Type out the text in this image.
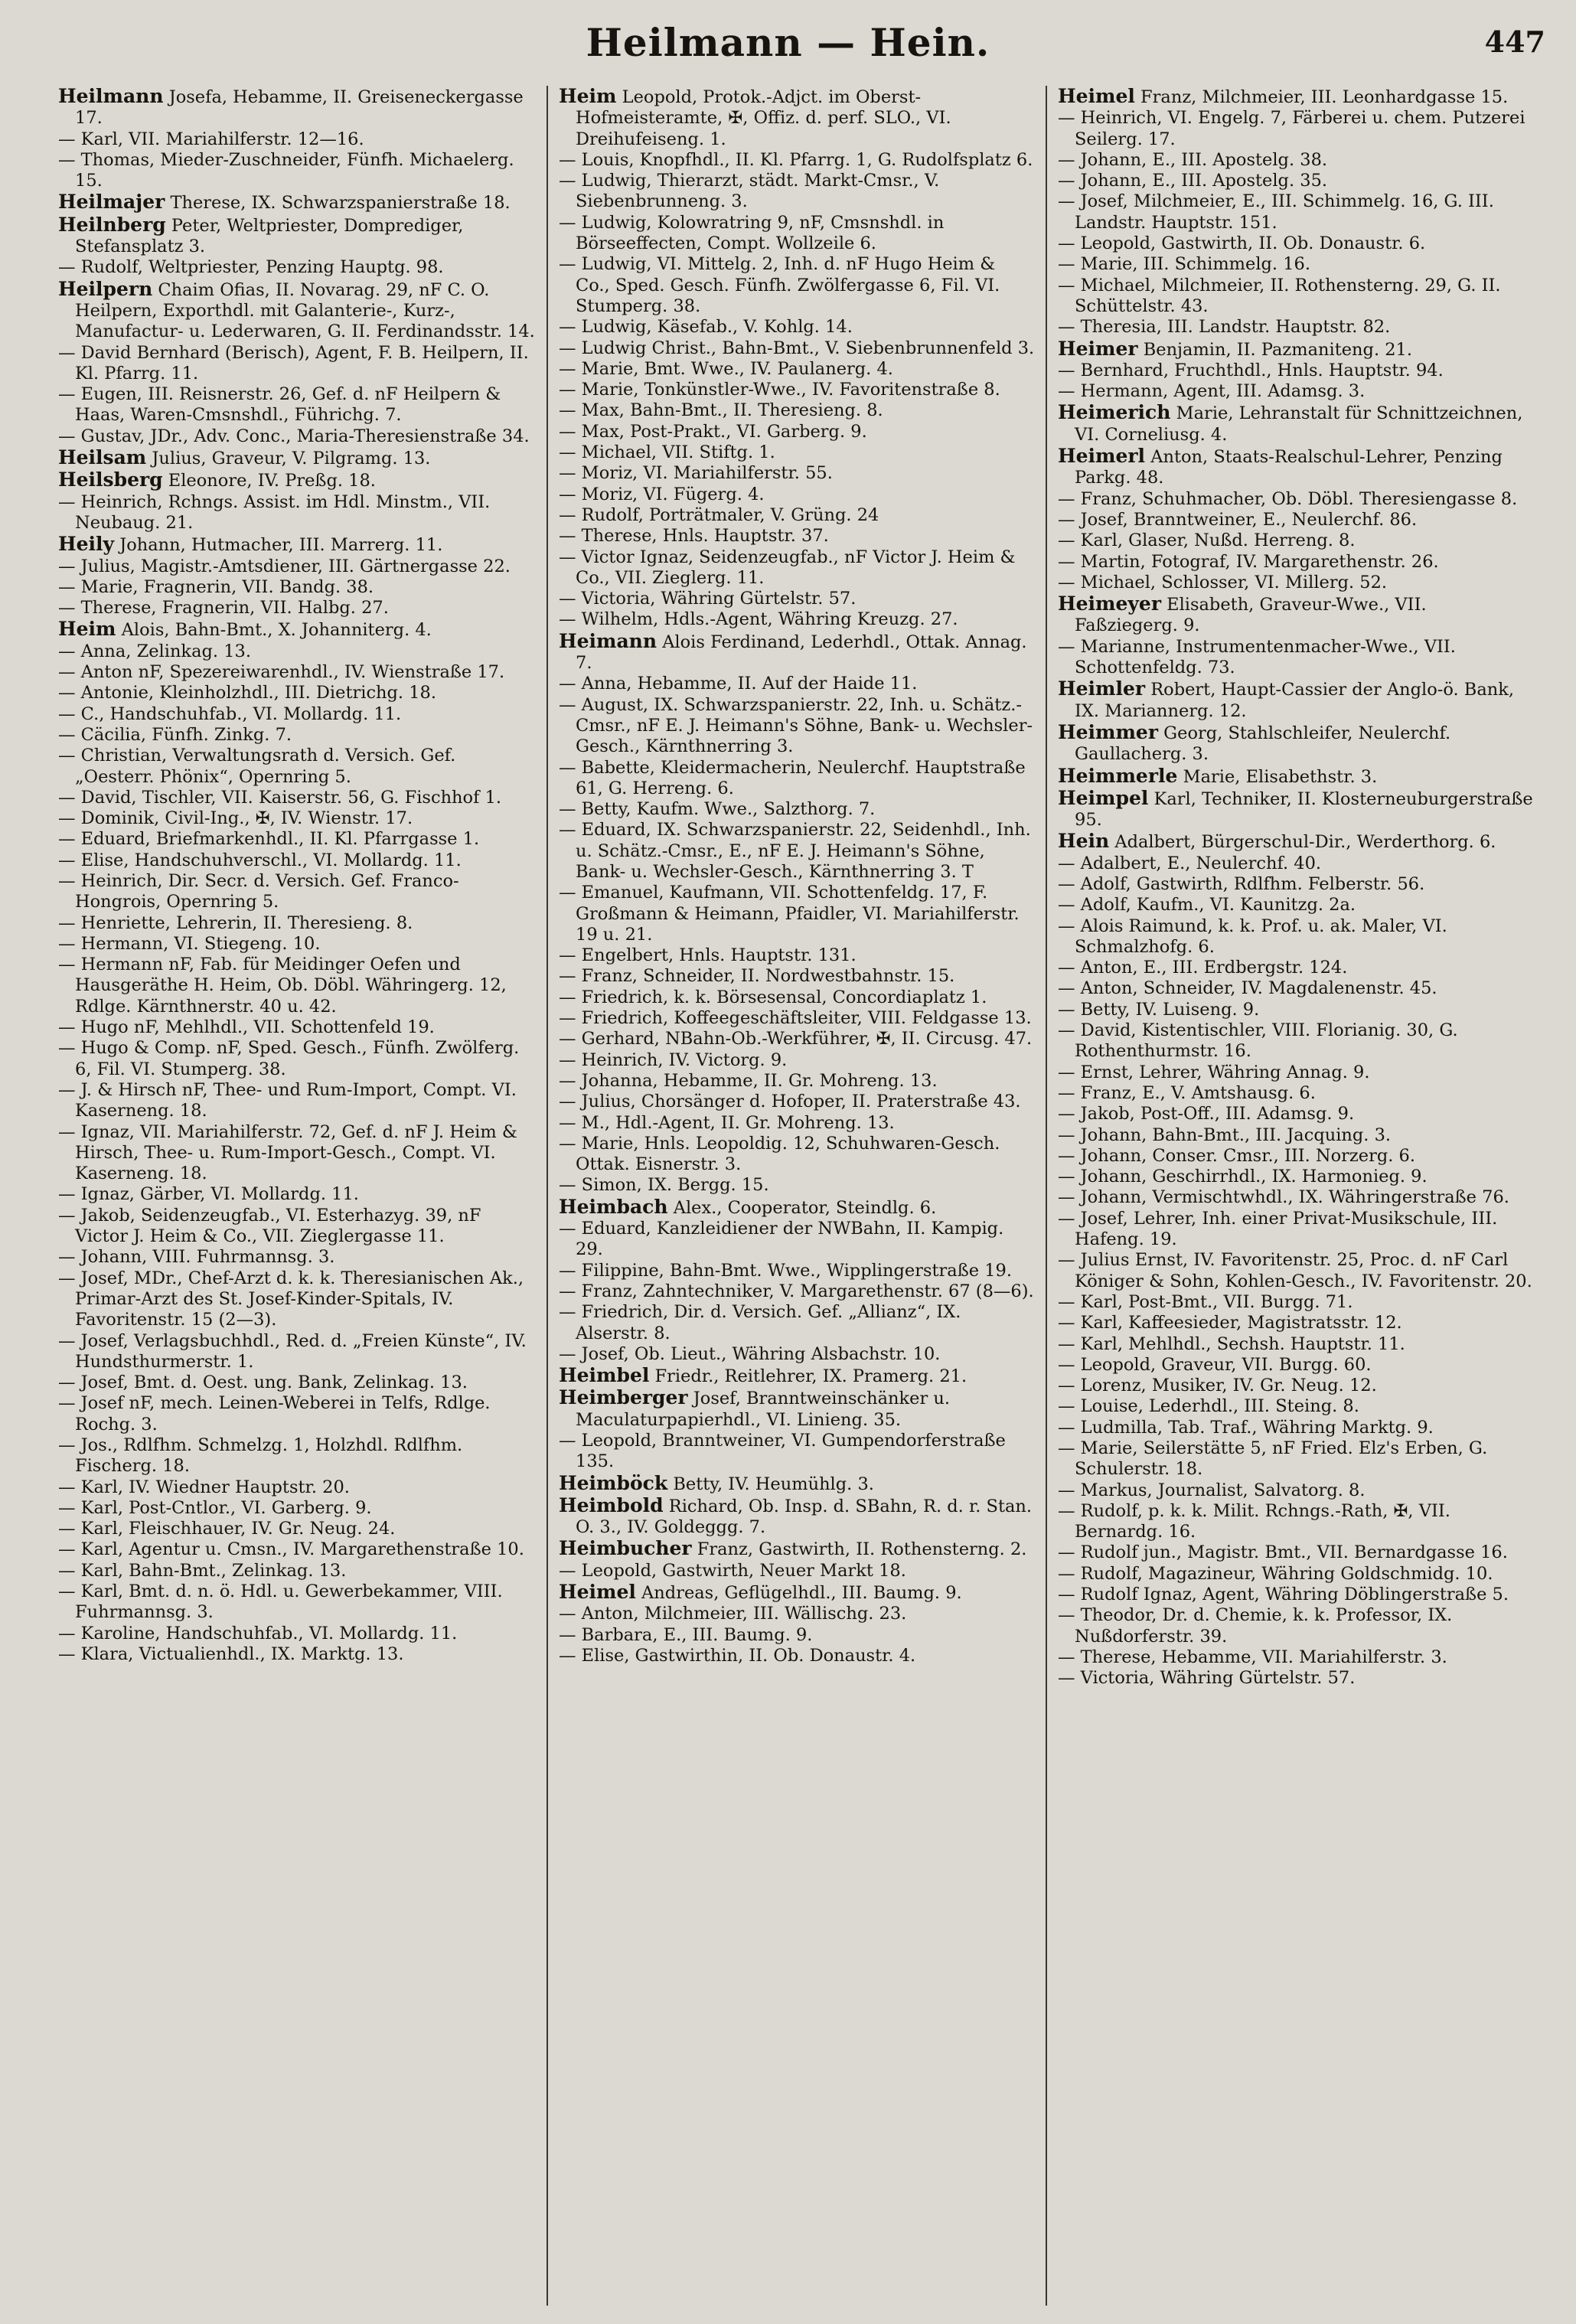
Heilmann — Hein.	447

Heilmann Josefa, Hebamme, II. Greiseneckergasse 17.

— Karl, VII. Mariahilferstr. 12—16.

— Thomas, Mieder-Zuschneider, Fünfh. Michaelerg. 15.

Heilmajer Therese, IX. Schwarzspanierstraße 18.

Heilnberg Peter, Weltpriester, Domprediger, Stefansplatz 3.

— Rudolf, Weltpriester, Penzing Hauptg. 98.

Heilpern Chaim Ofias, II. Novarag. 29, nF C. O. Heilpern, Exporthdl. mit Galanterie-, Kurz-, Manufactur- u. Lederwaren, G. II. Ferdinandsstr. 14.

— David Bernhard (Berisch), Agent, F. B. Heilpern, II. Kl. Pfarrg. 11.

— Eugen, III. Reisnerstr. 26, Gef. d. nF Heilpern & Haas, Waren-Cmsnshdl., Führichg. 7.

— Gustav, JDr., Adv. Conc., Maria-Theresienstraße 34.

Heilsam Julius, Graveur, V. Pilgramg. 13.

Heilsberg Eleonore, IV. Preßg. 18.

— Heinrich, Rchngs. Assist. im Hdl. Minstm., VII. Neubaug. 21.

Heily Johann, Hutmacher, III. Marrerg. 11.

— Julius, Magistr.-Amtsdiener, III. Gärtnergasse 22.

— Marie, Fragnerin, VII. Bandg. 38.

— Therese, Fragnerin, VII. Halbg. 27.

Heim Alois, Bahn-Bmt., X. Johanniterg. 4.

— Anna, Zelinkag. 13.

— Anton nF, Spezereiwarenhdl., IV. Wienstraße 17.

— Antonie, Kleinholzhdl., III. Dietrichg. 18.

— C., Handschuhfab., VI. Mollardg. 11.

— Cäcilia, Fünfh. Zinkg. 7.

— Christian, Verwaltungsrath d. Versich. Gef. „Oesterr. Phönix“, Opernring 5.

— David, Tischler, VII. Kaiserstr. 56, G. Fischhof 1.

— Dominik, Civil-Ing., ✠, IV. Wienstr. 17.

— Eduard, Briefmarkenhdl., II. Kl. Pfarrgasse 1.

— Elise, Handschuhverschl., VI. Mollardg. 11.

— Heinrich, Dir. Secr. d. Versich. Gef. Franco-Hongrois, Opernring 5.

— Henriette, Lehrerin, II. Theresieng. 8.

— Hermann, VI. Stiegeng. 10.

— Hermann nF, Fab. für Meidinger Oefen und Hausgeräthe H. Heim, Ob. Döbl. Währingerg. 12, Rdlge. Kärnthnerstr. 40 u. 42.

— Hugo nF, Mehlhdl., VII. Schottenfeld 19.

— Hugo & Comp. nF, Sped. Gesch., Fünfh. Zwölferg. 6, Fil. VI. Stumperg. 38.

— J. & Hirsch nF, Thee- und Rum-Import, Compt. VI. Kaserneng. 18.

— Ignaz, VII. Mariahilferstr. 72, Gef. d. nF J. Heim & Hirsch, Thee- u. Rum-Import-Gesch., Compt. VI. Kaserneng. 18.

— Ignaz, Gärber, VI. Mollardg. 11.

— Jakob, Seidenzeugfab., VI. Esterhazyg. 39, nF Victor J. Heim & Co., VII. Zieglergasse 11.

— Johann, VIII. Fuhrmannsg. 3.

— Josef, MDr., Chef-Arzt d. k. k. Theresianischen Ak., Primar-Arzt des St. Josef-Kinder-Spitals, IV. Favoritenstr. 15 (2—3).

— Josef, Verlagsbuchhdl., Red. d. „Freien Künste“, IV. Hundsthurmerstr. 1.

— Josef, Bmt. d. Oest. ung. Bank, Zelinkag. 13.

— Josef nF, mech. Leinen-Weberei in Telfs, Rdlge. Rochg. 3.

— Jos., Rdlfhm. Schmelzg. 1, Holzhdl. Rdlfhm. Fischerg. 18.

— Karl, IV. Wiedner Hauptstr. 20.

— Karl, Post-Cntlor., VI. Garberg. 9.

— Karl, Fleischhauer, IV. Gr. Neug. 24.

— Karl, Agentur u. Cmsn., IV. Margarethenstraße 10.

— Karl, Bahn-Bmt., Zelinkag. 13.

— Karl, Bmt. d. n. ö. Hdl. u. Gewerbekammer, VIII. Fuhrmannsg. 3.

— Karoline, Handschuhfab., VI. Mollardg. 11.

— Klara, Victualienhdl., IX. Marktg. 13.

Heim Leopold, Protok.-Adjct. im Oberst-Hofmeisteramte, ✠, Offiz. d. perf. SLO., VI. Dreihufeiseng. 1.

— Louis, Knopfhdl., II. Kl. Pfarrg. 1, G. Rudolfsplatz 6.

— Ludwig, Thierarzt, städt. Markt-Cmsr., V. Siebenbrunneng. 3.

— Ludwig, Kolowratring 9, nF, Cmsnshdl. in Börseeffecten, Compt. Wollzeile 6.

— Ludwig, VI. Mittelg. 2, Inh. d. nF Hugo Heim & Co., Sped. Gesch. Fünfh. Zwölfergasse 6, Fil. VI. Stumperg. 38.

— Ludwig, Käsefab., V. Kohlg. 14.

— Ludwig Christ., Bahn-Bmt., V. Siebenbrunnenfeld 3.

— Marie, Bmt. Wwe., IV. Paulanerg. 4.

— Marie, Tonkünstler-Wwe., IV. Favoritenstraße 8.

— Max, Bahn-Bmt., II. Theresieng. 8.

— Max, Post-Prakt., VI. Garberg. 9.

— Michael, VII. Stiftg. 1.

— Moriz, VI. Mariahilferstr. 55.

— Moriz, VI. Fügerg. 4.

— Rudolf, Porträtmaler, V. Grüng. 24

— Therese, Hnls. Hauptstr. 37.

— Victor Ignaz, Seidenzeugfab., nF Victor J. Heim & Co., VII. Zieglerg. 11.

— Victoria, Währing Gürtelstr. 57.

— Wilhelm, Hdls.-Agent, Währing Kreuzg. 27.

Heimann Alois Ferdinand, Lederhdl., Ottak. Annag. 7.

— Anna, Hebamme, II. Auf der Haide 11.

— August, IX. Schwarzspanierstr. 22, Inh. u. Schätz.-Cmsr., nF E. J. Heimann's Söhne, Bank- u. Wechsler-Gesch., Kärnthnerring 3.

— Babette, Kleidermacherin, Neulerchf. Hauptstraße 61, G. Herreng. 6.

— Betty, Kaufm. Wwe., Salzthorg. 7.

— Eduard, IX. Schwarzspanierstr. 22, Seidenhdl., Inh. u. Schätz.-Cmsr., E., nF E. J. Heimann's Söhne, Bank- u. Wechsler-Gesch., Kärnthnerring 3. T

— Emanuel, Kaufmann, VII. Schottenfeldg. 17, F. Großmann & Heimann, Pfaidler, VI. Mariahilferstr. 19 u. 21.

— Engelbert, Hnls. Hauptstr. 131.

— Franz, Schneider, II. Nordwestbahnstr. 15.

— Friedrich, k. k. Börsesensal, Concordiaplatz 1.

— Friedrich, Koffeegeschäftsleiter, VIII. Feldgasse 13.

— Gerhard, NBahn-Ob.-Werkführer, ✠, II. Circusg. 47.

— Heinrich, IV. Victorg. 9.

— Johanna, Hebamme, II. Gr. Mohreng. 13.

— Julius, Chorsänger d. Hofoper, II. Praterstraße 43.

— M., Hdl.-Agent, II. Gr. Mohreng. 13.

— Marie, Hnls. Leopoldig. 12, Schuhwaren-Gesch. Ottak. Eisnerstr. 3.

— Simon, IX. Bergg. 15.

Heimbach Alex., Cooperator, Steindlg. 6.

— Eduard, Kanzleidiener der NWBahn, II. Kampig. 29.

— Filippine, Bahn-Bmt. Wwe., Wipplingerstraße 19.

— Franz, Zahntechniker, V. Margarethenstr. 67 (8—6).

— Friedrich, Dir. d. Versich. Gef. „Allianz“, IX. Alserstr. 8.

— Josef, Ob. Lieut., Währing Alsbachstr. 10.

Heimbel Friedr., Reitlehrer, IX. Pramerg. 21.

Heimberger Josef, Branntweinschänker u. Maculaturpapierhdl., VI. Linieng. 35.

— Leopold, Branntweiner, VI. Gumpendorferstraße 135.

Heimböck Betty, IV. Heumühlg. 3.

Heimbold Richard, Ob. Insp. d. SBahn, R. d. r. Stan. O. 3., IV. Goldeggg. 7.

Heimbucher Franz, Gastwirth, II. Rothensterng. 2.

— Leopold, Gastwirth, Neuer Markt 18.

Heimel Andreas, Geflügelhdl., III. Baumg. 9.

— Anton, Milchmeier, III. Wällischg. 23.

— Barbara, E., III. Baumg. 9.

— Elise, Gastwirthin, II. Ob. Donaustr. 4.

Heimel Franz, Milchmeier, III. Leonhardgasse 15.

— Heinrich, VI. Engelg. 7, Färberei u. chem. Putzerei Seilerg. 17.

— Johann, E., III. Apostelg. 38.

— Johann, E., III. Apostelg. 35.

— Josef, Milchmeier, E., III. Schimmelg. 16, G. III. Landstr. Hauptstr. 151.

— Leopold, Gastwirth, II. Ob. Donaustr. 6.

— Marie, III. Schimmelg. 16.

— Michael, Milchmeier, II. Rothensterng. 29, G. II. Schüttelstr. 43.

— Theresia, III. Landstr. Hauptstr. 82.

Heimer Benjamin, II. Pazmaniteng. 21.

— Bernhard, Fruchthdl., Hnls. Hauptstr. 94.

— Hermann, Agent, III. Adamsg. 3.

Heimerich Marie, Lehranstalt für Schnittzeichnen, VI. Corneliusg. 4.

Heimerl Anton, Staats-Realschul-Lehrer, Penzing Parkg. 48.

— Franz, Schuhmacher, Ob. Döbl. Theresiengasse 8.

— Josef, Branntweiner, E., Neulerchf. 86.

— Karl, Glaser, Nußd. Herreng. 8.

— Martin, Fotograf, IV. Margarethenstr. 26.

— Michael, Schlosser, VI. Millerg. 52.

Heimeyer Elisabeth, Graveur-Wwe., VII. Faßziegerg. 9.

— Marianne, Instrumentenmacher-Wwe., VII. Schottenfeldg. 73.

Heimler Robert, Haupt-Cassier der Anglo-ö. Bank, IX. Mariannerg. 12.

Heimmer Georg, Stahlschleifer, Neulerchf. Gaullacherg. 3.

Heimmerle Marie, Elisabethstr. 3.

Heimpel Karl, Techniker, II. Klosterneuburgerstraße 95.

Hein Adalbert, Bürgerschul-Dir., Werderthorg. 6.

— Adalbert, E., Neulerchf. 40.

— Adolf, Gastwirth, Rdlfhm. Felberstr. 56.

— Adolf, Kaufm., VI. Kaunitzg. 2a.

— Alois Raimund, k. k. Prof. u. ak. Maler, VI. Schmalzhofg. 6.

— Anton, E., III. Erdbergstr. 124.

— Anton, Schneider, IV. Magdalenenstr. 45.

— Betty, IV. Luiseng. 9.

— David, Kistentischler, VIII. Florianig. 30, G. Rothenthurmstr. 16.

— Ernst, Lehrer, Währing Annag. 9.

— Franz, E., V. Amtshausg. 6.

— Jakob, Post-Off., III. Adamsg. 9.

— Johann, Bahn-Bmt., III. Jacquing. 3.

— Johann, Conser. Cmsr., III. Norzerg. 6.

— Johann, Geschirrhdl., IX. Harmonieg. 9.

— Johann, Vermischtwhdl., IX. Währingerstraße 76.

— Josef, Lehrer, Inh. einer Privat-Musikschule, III. Hafeng. 19.

— Julius Ernst, IV. Favoritenstr. 25, Proc. d. nF Carl Königer & Sohn, Kohlen-Gesch., IV. Favoritenstr. 20.

— Karl, Post-Bmt., VII. Burgg. 71.

— Karl, Kaffeesieder, Magistratsstr. 12.

— Karl, Mehlhdl., Sechsh. Hauptstr. 11.

— Leopold, Graveur, VII. Burgg. 60.

— Lorenz, Musiker, IV. Gr. Neug. 12.

— Louise, Lederhdl., III. Steing. 8.

— Ludmilla, Tab. Traf., Währing Marktg. 9.

— Marie, Seilerstätte 5, nF Fried. Elz's Erben, G. Schulerstr. 18.

— Markus, Journalist, Salvatorg. 8.

— Rudolf, p. k. k. Milit. Rchngs.-Rath, ✠, VII. Bernardg. 16.

— Rudolf jun., Magistr. Bmt., VII. Bernardgasse 16.

— Rudolf, Magazineur, Währing Goldschmidg. 10.

— Rudolf Ignaz, Agent, Währing Döblingerstraße 5.

— Theodor, Dr. d. Chemie, k. k. Professor, IX. Nußdorferstr. 39.

— Therese, Hebamme, VII. Mariahilferstr. 3.

— Victoria, Währing Gürtelstr. 57.
